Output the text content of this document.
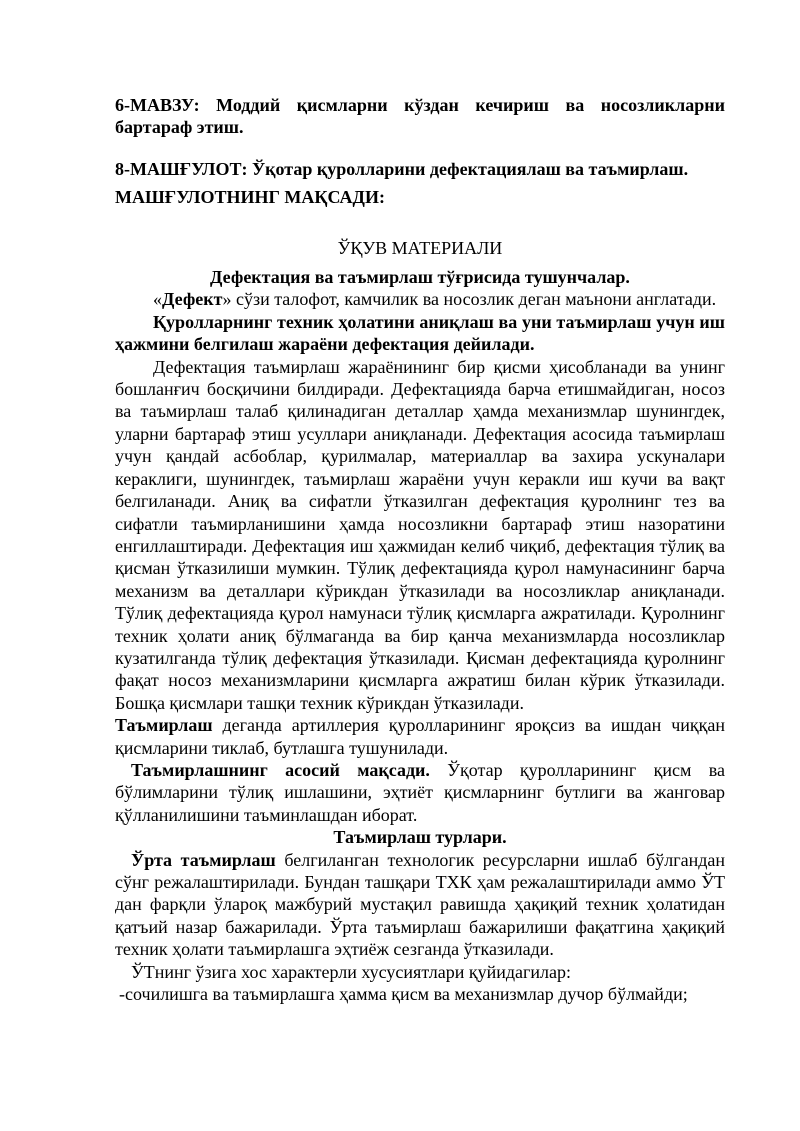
6-МАВЗУ: Моддий қисмларни кўздан кечириш ва носозликларни бартараф этиш.

8-МАШҒУЛОТ: Ўқотар қуролларини дефектациялаш ва таъмирлаш.

МАШҒУЛОТНИНГ МАҚСАДИ:

ЎҚУВ МАТЕРИАЛИ

Дефектация ва таъмирлаш тўғрисида тушунчалар.

«Дефект» сўзи талофот, камчилик ва носозлик деган маънони англатади.

Қуролларнинг техник ҳолатини аниқлаш ва уни таъмирлаш учун иш ҳажмини белгилаш жараёни дефектация дейилади.

Дефектация таъмирлаш жараёнининг бир қисми ҳисобланади ва унинг бошланғич босқичини билдиради. Дефектацияда барча етишмайдиган, носоз ва таъмирлаш талаб қилинадиган деталлар ҳамда механизмлар шунингдек, уларни бартараф этиш усуллари аниқланади. Дефектация асосида таъмирлаш учун қандай асбоблар, қурилмалар, материаллар ва захира ускуналари кераклиги, шунингдек, таъмирлаш жараёни учун керакли иш кучи ва вақт белгиланади. Аниқ ва сифатли ўтказилган дефектация қуролнинг тез ва сифатли таъмирланишини ҳамда носозликни бартараф этиш назоратини енгиллаштиради. Дефектация иш ҳажмидан келиб чиқиб, дефектация тўлиқ ва қисман ўтказилиши мумкин. Тўлиқ дефектацияда қурол намунасининг барча механизм ва деталлари кўрикдан ўтказилади ва носозликлар аниқланади. Тўлиқ дефектацияда қурол намунаси тўлиқ қисмларга ажратилади. Қуролнинг техник ҳолати аниқ бўлмаганда ва бир қанча механизмларда носозликлар кузатилганда тўлиқ дефектация ўтказилади. Қисман дефектацияда қуролнинг фақат носоз механизмларини қисмларга ажратиш билан кўрик ўтказилади. Бошқа қисмлари ташқи техник кўрикдан ўтказилади.

Таъмирлаш деганда артиллерия қуролларининг яроқсиз ва ишдан чиққан қисмларини тиклаб, бутлашга тушунилади.

Таъмирлашнинг асосий мақсади. Ўқотар қуролларининг қисм ва бўлимларини тўлиқ ишлашини, эҳтиёт қисмларнинг бутлиги ва жанговар қўлланилишини таъминлашдан иборат.

Таъмирлаш турлари.

Ўрта таъмирлаш белгиланган технологик ресурсларни ишлаб бўлгандан сўнг режалаштирилади. Бундан ташқари ТХК ҳам режалаштирилади аммо ЎТ дан фарқли ўлароқ мажбурий мустақил равишда ҳақиқий техник ҳолатидан қатъий назар бажарилади. Ўрта таъмирлаш бажарилиши фақатгина ҳақиқий техник ҳолати таъмирлашга эҳтиёж сезганда ўтказилади.

ЎТнинг ўзига хос характерли хусусиятлари қуйидагилар:

-сочилишга ва таъмирлашга ҳамма қисм ва механизмлар дучор бўлмайди;
